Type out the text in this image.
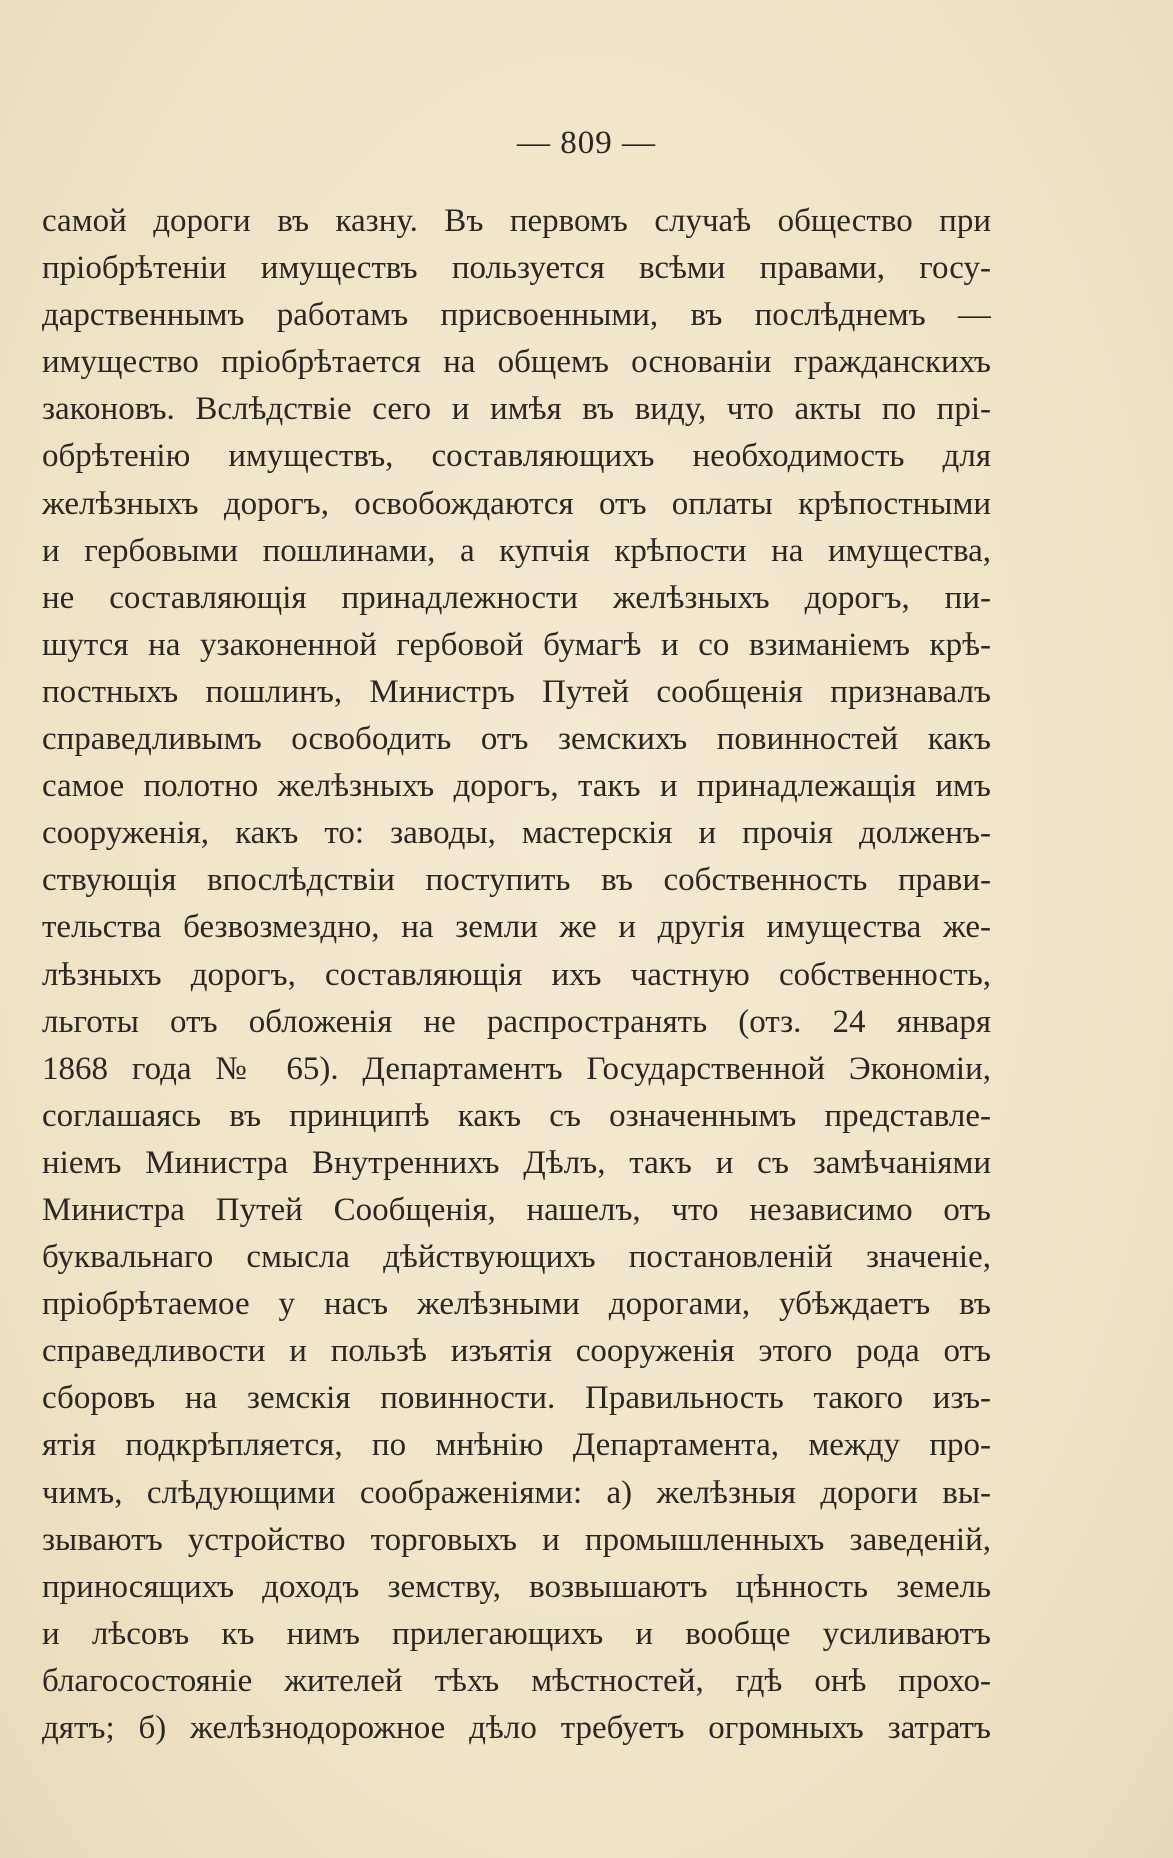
— 809 —
самой дороги въ казну. Въ первомъ случаѣ общество при
пріобрѣтеніи имуществъ пользуется всѣми правами, госу-
дарственнымъ работамъ присвоенными, въ послѣднемъ —
имущество пріобрѣтается на общемъ основаніи гражданскихъ
законовъ. Вслѣдствіе сего и имѣя въ виду, что акты по прі-
обрѣтенію имуществъ, составляющихъ необходимость для
желѣзныхъ дорогъ, освобождаются отъ оплаты крѣпостными
и гербовыми пошлинами, а купчія крѣпости на имущества,
не составляющія принадлежности желѣзныхъ дорогъ, пи-
шутся на узаконенной гербовой бумагѣ и со взиманіемъ крѣ-
постныхъ пошлинъ, Министръ Путей сообщенія признавалъ
справедливымъ освободить отъ земскихъ повинностей какъ
самое полотно желѣзныхъ дорогъ, такъ и принадлежащія имъ
сооруженія, какъ то: заводы, мастерскія и прочія долженъ-
ствующія впослѣдствіи поступить въ собственность прави-
тельства безвозмездно, на земли же и другія имущества же-
лѣзныхъ дорогъ, составляющія ихъ частную собственность,
льготы отъ обложенія не распространять (отз. 24 января
1868 года № 65). Департаментъ Государственной Экономіи,
соглашаясь въ принципѣ какъ съ означеннымъ представле-
ніемъ Министра Внутреннихъ Дѣлъ, такъ и съ замѣчаніями
Министра Путей Сообщенія, нашелъ, что независимо отъ
буквальнаго смысла дѣйствующихъ постановленій значеніе,
пріобрѣтаемое у насъ желѣзными дорогами, убѣждаетъ въ
справедливости и пользѣ изъятія сооруженія этого рода отъ
сборовъ на земскія повинности. Правильность такого изъ-
ятія подкрѣпляется, по мнѣнію Департамента, между про-
чимъ, слѣдующими соображеніями: а) желѣзныя дороги вы-
зываютъ устройство торговыхъ и промышленныхъ заведеній,
приносящихъ доходъ земству, возвышаютъ цѣнность земель
и лѣсовъ къ нимъ прилегающихъ и вообще усиливаютъ
благосостояніе жителей тѣхъ мѣстностей, гдѣ онѣ прохо-
дятъ; б) желѣзнодорожное дѣло требуетъ огромныхъ затратъ
